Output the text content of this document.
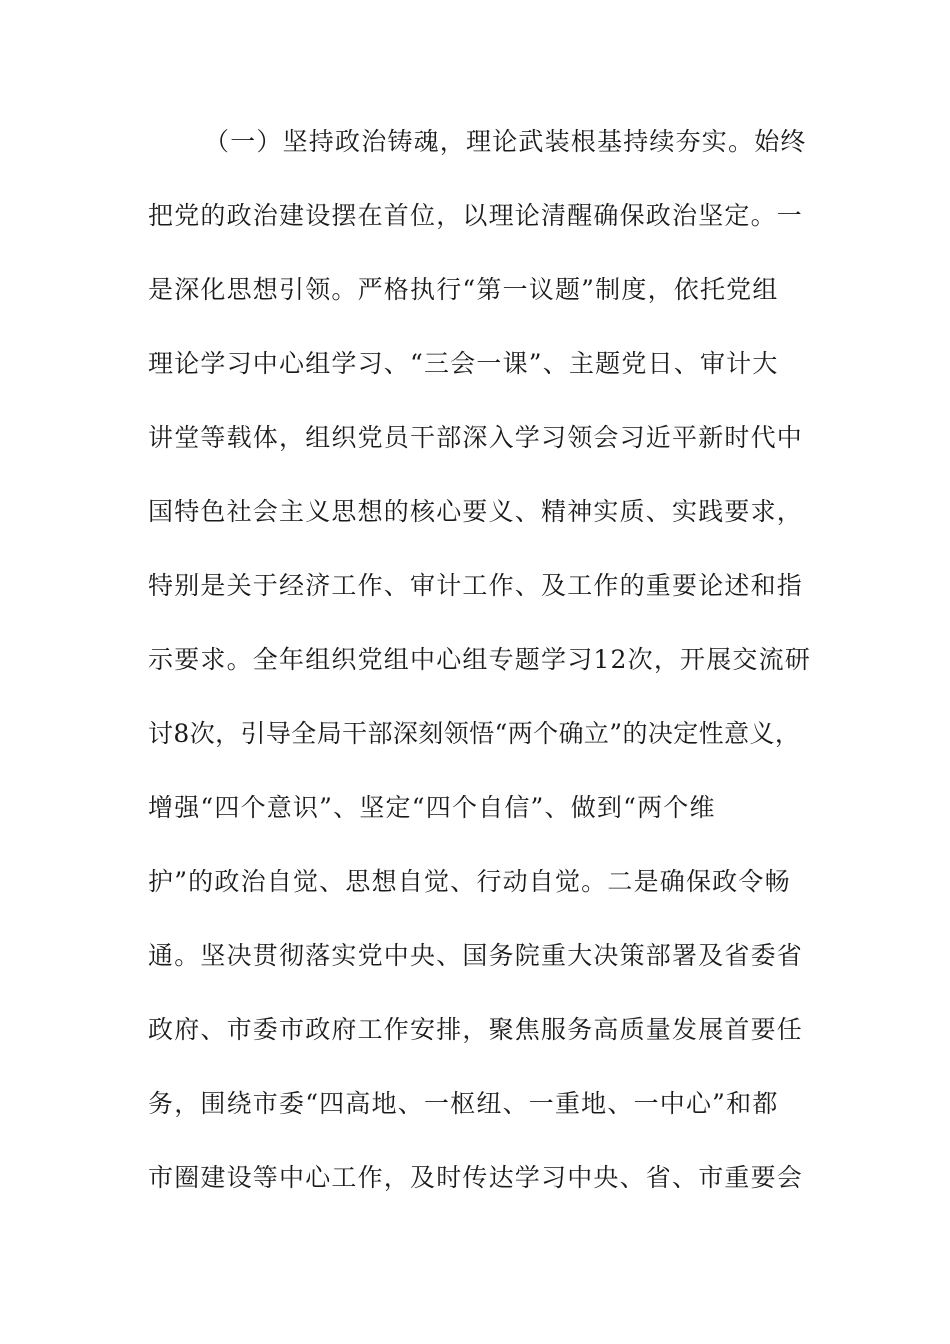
（一）坚持政治铸魂，理论武装根基持续夯实。始终
把党的政治建设摆在首位，以理论清醒确保政治坚定。一
是深化思想引领。严格执行“第一议题”制度，依托党组
理论学习中心组学习、“三会一课”、主题党日、审计大
讲堂等载体，组织党员干部深入学习领会习近平新时代中
国特色社会主义思想的核心要义、精神实质、实践要求，
特别是关于经济工作、审计工作、及工作的重要论述和指
示要求。全年组织党组中心组专题学习12次，开展交流研
讨8次，引导全局干部深刻领悟“两个确立”的决定性意义，
增强“四个意识”、坚定“四个自信”、做到“两个维
护”的政治自觉、思想自觉、行动自觉。二是确保政令畅
通。坚决贯彻落实党中央、国务院重大决策部署及省委省
政府、市委市政府工作安排，聚焦服务高质量发展首要任
务，围绕市委“四高地、一枢纽、一重地、一中心”和都
市圈建设等中心工作，及时传达学习中央、省、市重要会
